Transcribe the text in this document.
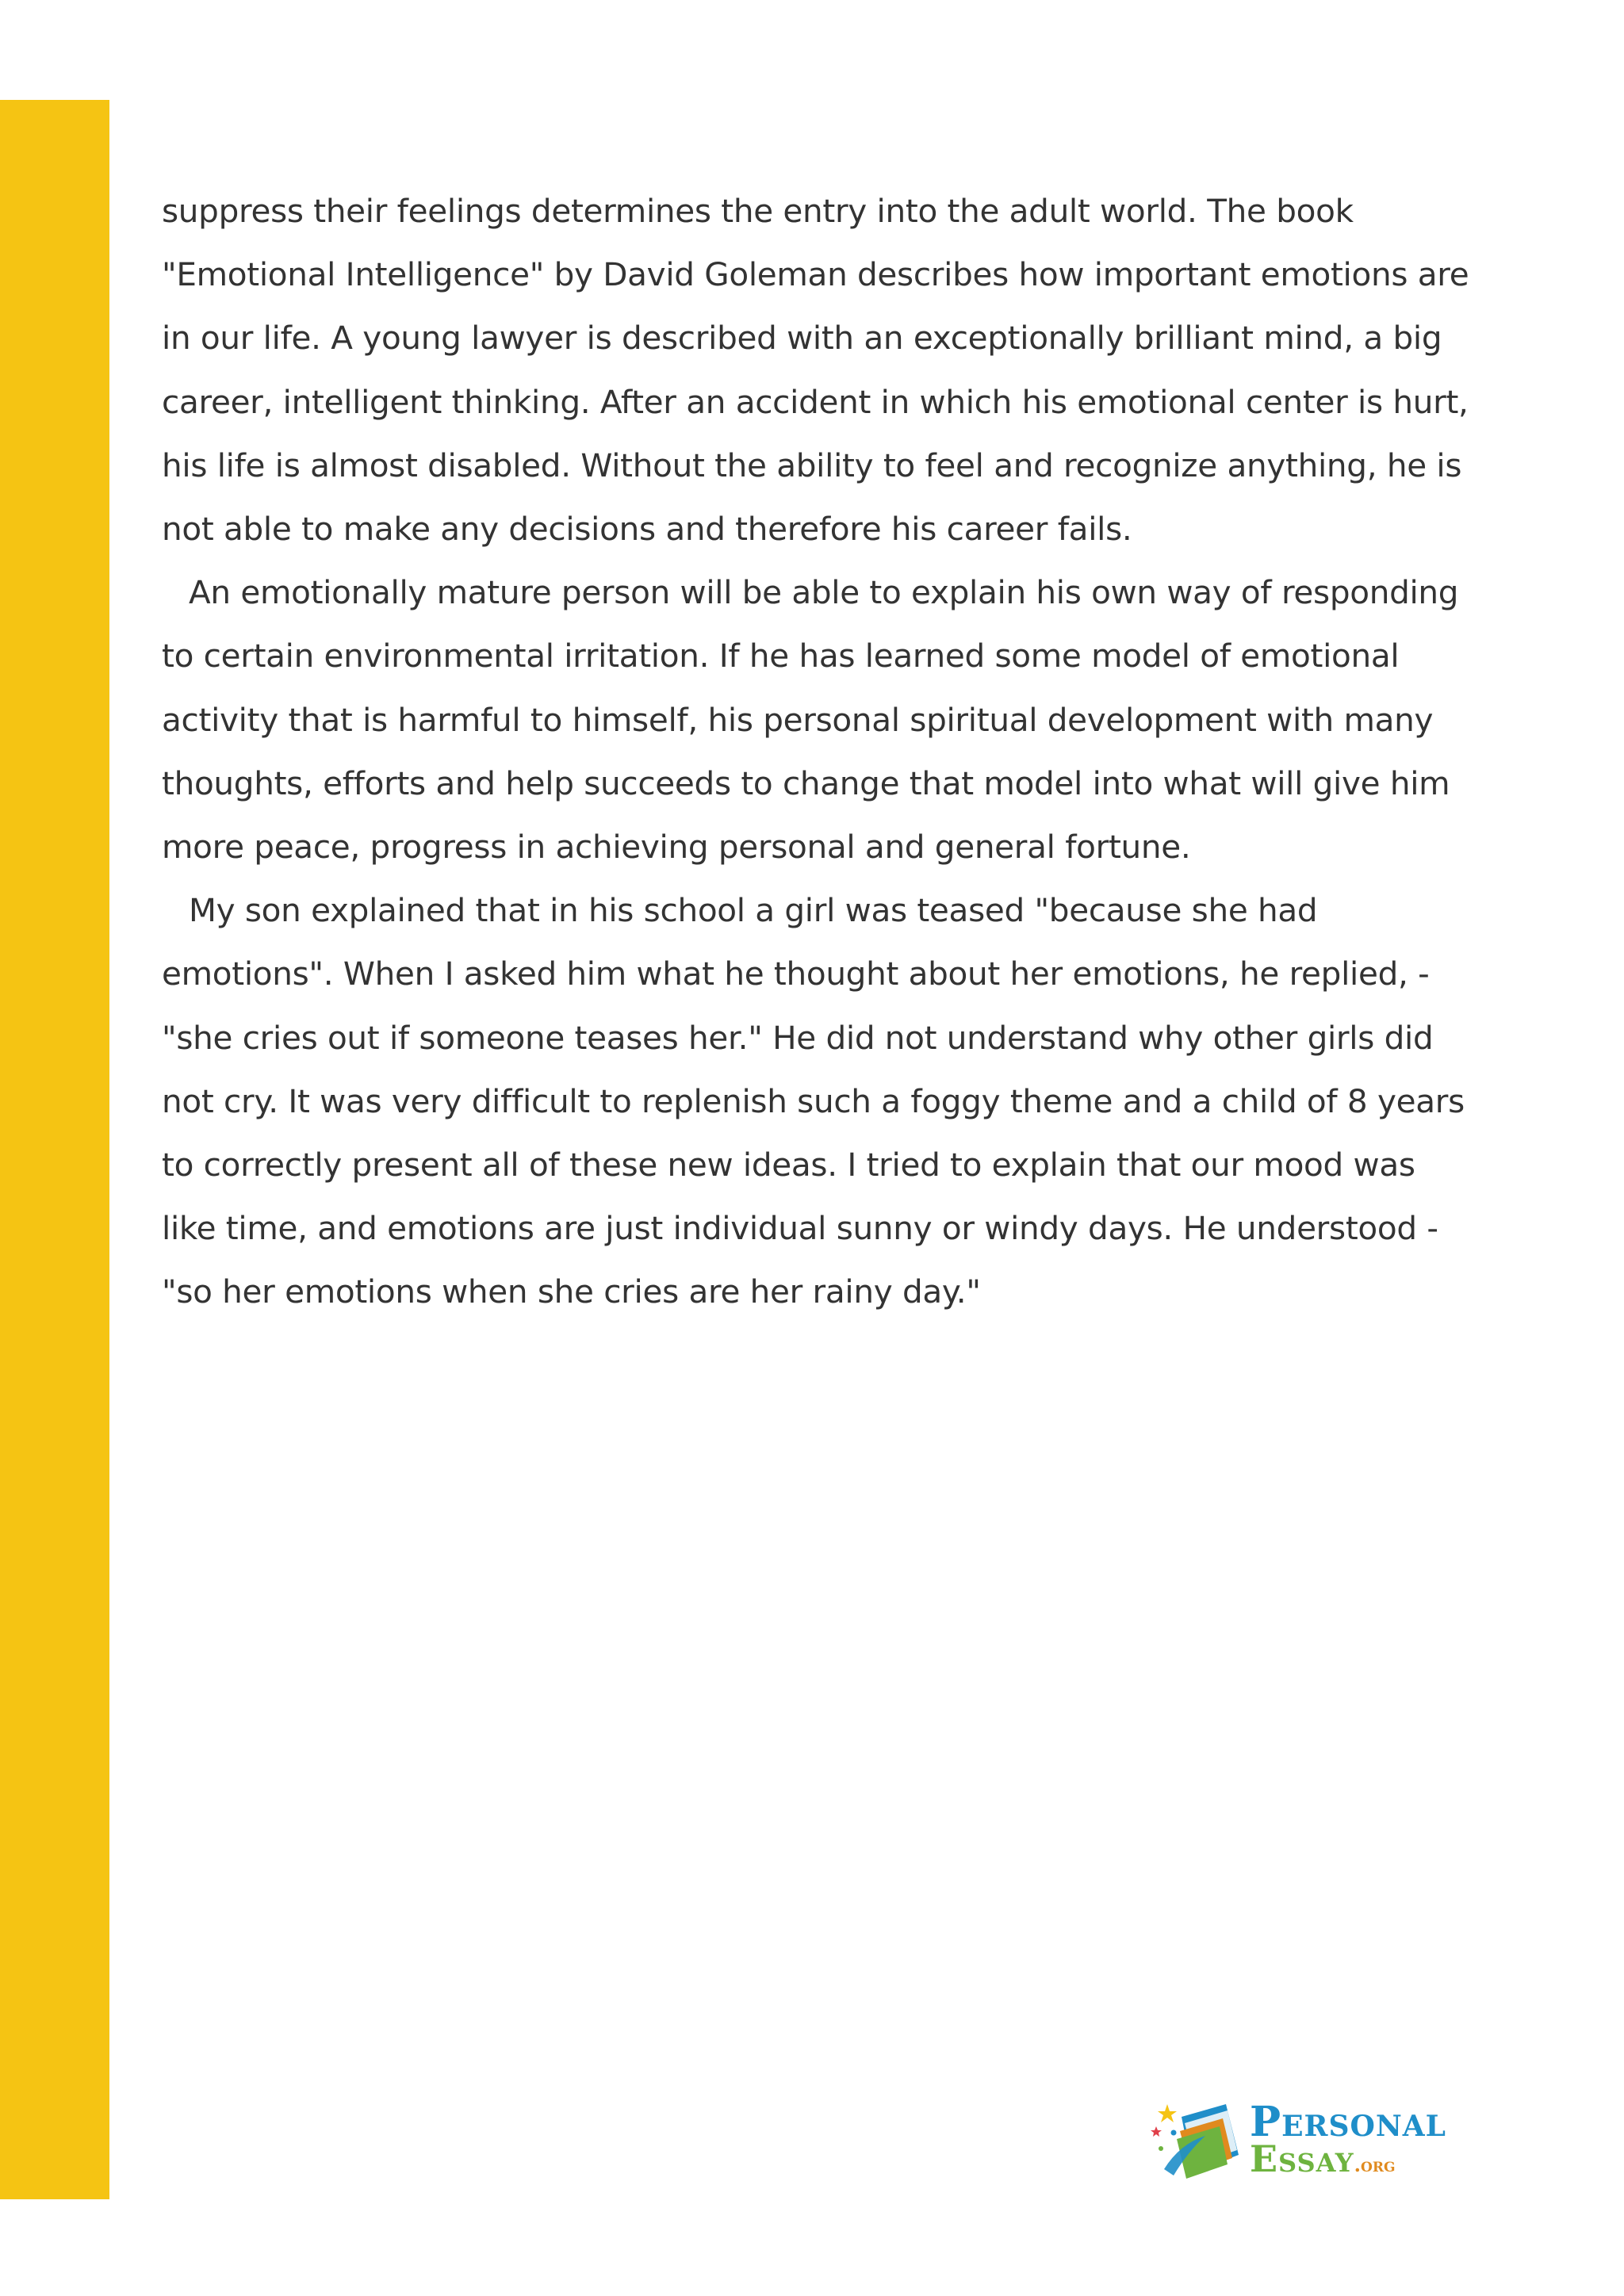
suppress their feelings determines the entry into the adult world. The book "Emotional Intelligence" by David Goleman describes how important emotions are in our life. A young lawyer is described with an exceptionally brilliant mind, a big career, intelligent thinking. After an accident in which his emotional center is hurt, his life is almost disabled. Without the ability to feel and recognize anything, he is not able to make any decisions and therefore his career fails.

An emotionally mature person will be able to explain his own way of responding to certain environmental irritation. If he has learned some model of emotional activity that is harmful to himself, his personal spiritual development with many thoughts, efforts and help succeeds to change that model into what will give him more peace, progress in achieving personal and general fortune.

My son explained that in his school a girl was teased "because she had emotions". When I asked him what he thought about her emotions, he replied, -"she cries out if someone teases her." He did not understand why other girls did not cry. It was very difficult to replenish such a foggy theme and a child of 8 years to correctly present all of these new ideas. I tried to explain that our mood was like time, and emotions are just individual sunny or windy days. He understood - "so her emotions when she cries are her rainy day."

Personal
Essay.org
